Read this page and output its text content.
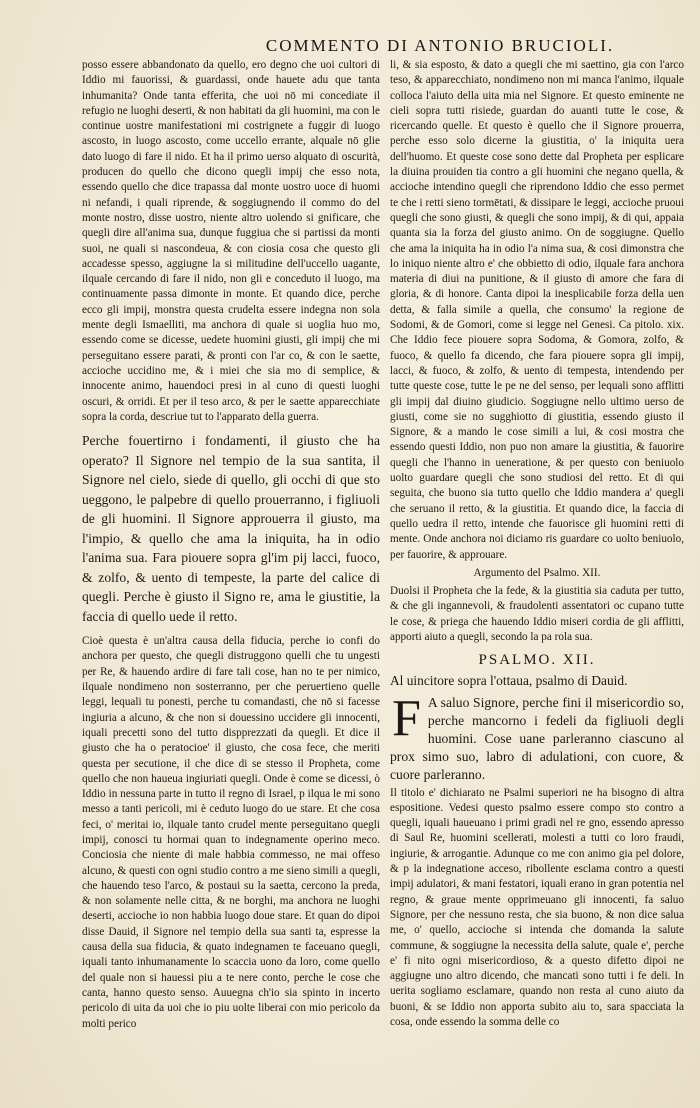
COMMENTO DI ANTONIO BRUCIOLI.

posso essere abbandonato da quello, ero degno che uoi cultori di Iddio mi fauorissi, & guardassi, onde hauete adu que tanta inhumanita? Onde tanta efferita, che uoi nō mi concediate il refugio ne luoghi deserti, & non habitati da gli huomini, ma con le continue uostre manifestationi mi costrignete a fuggir di luogo ascosto, in luogo ascosto, come uccello errante, alquale nō glie dato luogo di fare il nido. Et ha il primo uerso alquato di oscurità, producen do quello che dicono quegli impij che esso nota, essendo quello che dice trapassa dal monte uostro uoce di huomi ni nefandi, i quali riprende, & soggiugnendo il commo do del monte nostro, disse uostro, niente altro uolendo si gnificare, che quegli dire all'anima sua, dunque fuggiua che si partissi da monti suoi, ne quali si nascondeua, & con ciosia cosa che questo gli accadesse spesso, aggiugne la si militudine dell'uccello uagante, ilquale cercando di fare il nido, non gli e conceduto il luogo, ma continuamente passa dimonte in monte. Et quando dice, perche ecco gli impij, monstra questa crudelta essere indegna non sola mente degli Ismaelliti, ma anchora di quale si uoglia huo mo, essendo come se dicesse, uedete huomini giusti, gli impij che mi perseguitano essere parati, & pronti con l'ar co, & con le saette, accioche uccidino me, & i miei che sia mo di semplice, & innocente animo, hauendoci presi in al cuno di questi luoghi oscuri, & orridi. Et per il teso arco, & per le saette apparecchiate sopra la corda, descriue tut to l'apparato della guerra.

Perche fouertirno i fondamenti, il giusto che ha operato? Il Signore nel tempio de la sua santita, il Signore nel cielo, siede di quello, gli occhi di que sto ueggono, le palpebre di quello prouerranno, i figliuoli de gli huomini. Il Signore approuerra il giusto, ma l'impio, & quello che ama la iniquita, ha in odio l'anima sua. Fara piouere sopra gl'im pij lacci, fuoco, & zolfo, & uento di tempeste, la parte del calice di quegli. Perche è giusto il Signo re, ama le giustitie, la faccia di quello uede il retto.

Cioè questa è un'altra causa della fiducia, perche io confi do anchora per questo, che quegli distruggono quelli che tu ungesti per Re, & hauendo ardire di fare tali cose, han no te per nimico, ilquale nondimeno non sosterranno, per che peruertieno quelle leggi, lequali tu ponesti, perche tu comandasti, che nō si facesse ingiuria a alcuno, & che non si douessino uccidere gli innocenti, iquali precetti sono del tutto dispprezzati da quegli. Et dice il giusto che ha o peratocioe' il giusto, che cosa fece, che meriti questa per secutione, il che dice di se stesso il Propheta, come quello che non haueua ingiuriati quegli. Onde è come se dicessi, ò Iddio in nessuna parte in tutto il regno di Israel, p ilqua le mi sono messo a tanti pericoli, mi è ceduto luogo do ue stare. Et che cosa feci, o' meritai io, ilquale tanto crudel mente perseguitano quegli impij, conosci tu hormai quan to indegnamente operino meco. Conciosia che niente di male habbia commesso, ne mai offeso alcuno, & questi con ogni studio contro a me sieno simili a quegli, che hauendo teso l'arco, & postaui su la saetta, cercono la preda, & non solamente nelle citta, & ne borghi, ma anchora ne luoghi deserti, accioche io non habbia luogo doue stare. Et quan do dipoi disse Dauid, il Signore nel tempio della sua santi ta, espresse la causa della sua fiducia, & quato indegnamen te faceuano quegli, iquali tanto inhumanamente lo scaccia uono da loro, come quello del quale non si hauessi piu a te nere conto, perche le cose che canta, hanno questo senso. Auuegna ch'io sia spinto in incerto pericolo di uita da uoi che io piu uolte liberai con mio pericolo da molti perico

li, & sia esposto, & dato a quegli che mi saettino, gia con l'arco teso, & apparecchiato, nondimeno non mi manca l'animo, ilquale colloca l'aiuto della uita mia nel Signore. Et questo eminente ne cieli sopra tutti risiede, guardan do auanti tutte le cose, & ricercando quelle. Et questo è quello che il Signore prouerra, perche esso solo dicerne la giustitia, o' la iniquita uera dell'huomo. Et queste cose sono dette dal Propheta per esplicare la diuina prouiden tia contro a gli huomini che negano quella, & accioche intendino quegli che riprendono Iddio che esso permet te che i retti sieno tormētati, & dissipare le leggi, accioche pruoui quegli che sono giusti, & quegli che sono impij, & di qui, appaia quanta sia la forza del giusto animo. On de soggiugne. Quello che ama la iniquita ha in odio l'a nima sua, & cosi dimonstra che lo iniquo niente altro e' che obbietto di odio, ilquale fara anchora materia di diui na punitione, & il giusto di amore che fara di gloria, & di honore. Canta dipoi la inesplicabile forza della uen detta, & falla simile a quella, che consumo' la regione de Sodomi, & de Gomori, come si legge nel Genesi. Ca pitolo. xix. Che Iddio fece piouere sopra Sodoma, & Gomora, zolfo, & fuoco, & quello fa dicendo, che fara piouere sopra gli impij, lacci, & fuoco, & zolfo, & uento di tempesta, intendendo per tutte queste cose, tutte le pe ne del senso, per lequali sono afflitti gli impij dal diuino giudicio. Soggiugne nello ultimo uerso de giusti, come sie no sugghiotto di giustitia, essendo giusto il Signore, & a mando le cose simili a lui, & cosi mostra che essendo questi Iddio, non puo non amare la giustitia, & fauorire quegli che l'hanno in ueneratione, & per questo con beniuolo uolto guardare quegli che sono studiosi del retto. Et di qui seguita, che buono sia tutto quello che Iddio mandera a' quegli che seruano il retto, & la giustitia. Et quando dice, la faccia di quello uedra il retto, intende che fauorisce gli huomini retti di mente. Onde anchora noi diciamo ris guardare co uolto beniuolo, per fauorire, & approuare.

Argumento del Psalmo. XII.

Duolsi il Propheta che la fede, & la giustitia sia caduta per tutto, & che gli ingannevoli, & fraudolenti assentatori oc cupano tutte le cose, & priega che hauendo Iddio miseri cordia de gli afflitti, apporti aiuto a quegli, secondo la pa rola sua.

PSALMO. XII.
Al uincitore sopra l'ottaua, psalmo di Dauid.

F A saluo Signore, perche fini il misericordio so, perche mancorno i fedeli da figliuoli degli huomini. Cose uane parleranno ciascuno al prox simo suo, labro di adulationi, con cuore, & cuore parleranno.

Il titolo e' dichiarato ne Psalmi superiori ne ha bisogno di altra espositione. Vedesi questo psalmo essere compo sto contro a quegli, iquali haueuano i primi gradi nel re gno, essendo apresso di Saul Re, huomini scellerati, molesti a tutti co loro fraudi, ingiurie, & arrogantie. Adunque co me con animo gia pel dolore, & p la indegnatione acceso, ribollente esclama contro a questi impij adulatori, & mani festatori, iquali erano in gran potentia nel regno, & graue mente opprimeuano gli innocenti, fa saluo Signore, per che nessuno resta, che sia buono, & non dice salua me, o' quello, accioche si intenda che domanda la salute commune, & soggiugne la necessita della salute, quale e', perche e' fi nito ogni misericordioso, & a questo difetto dipoi ne aggiugne uno altro dicendo, che mancati sono tutti i fe deli. In uerita sogliamo esclamare, quando non resta al cuno aiuto da buoni, & se Iddio non apporta subito aiu to, sara spacciata la cosa, onde essendo la somma delle co
